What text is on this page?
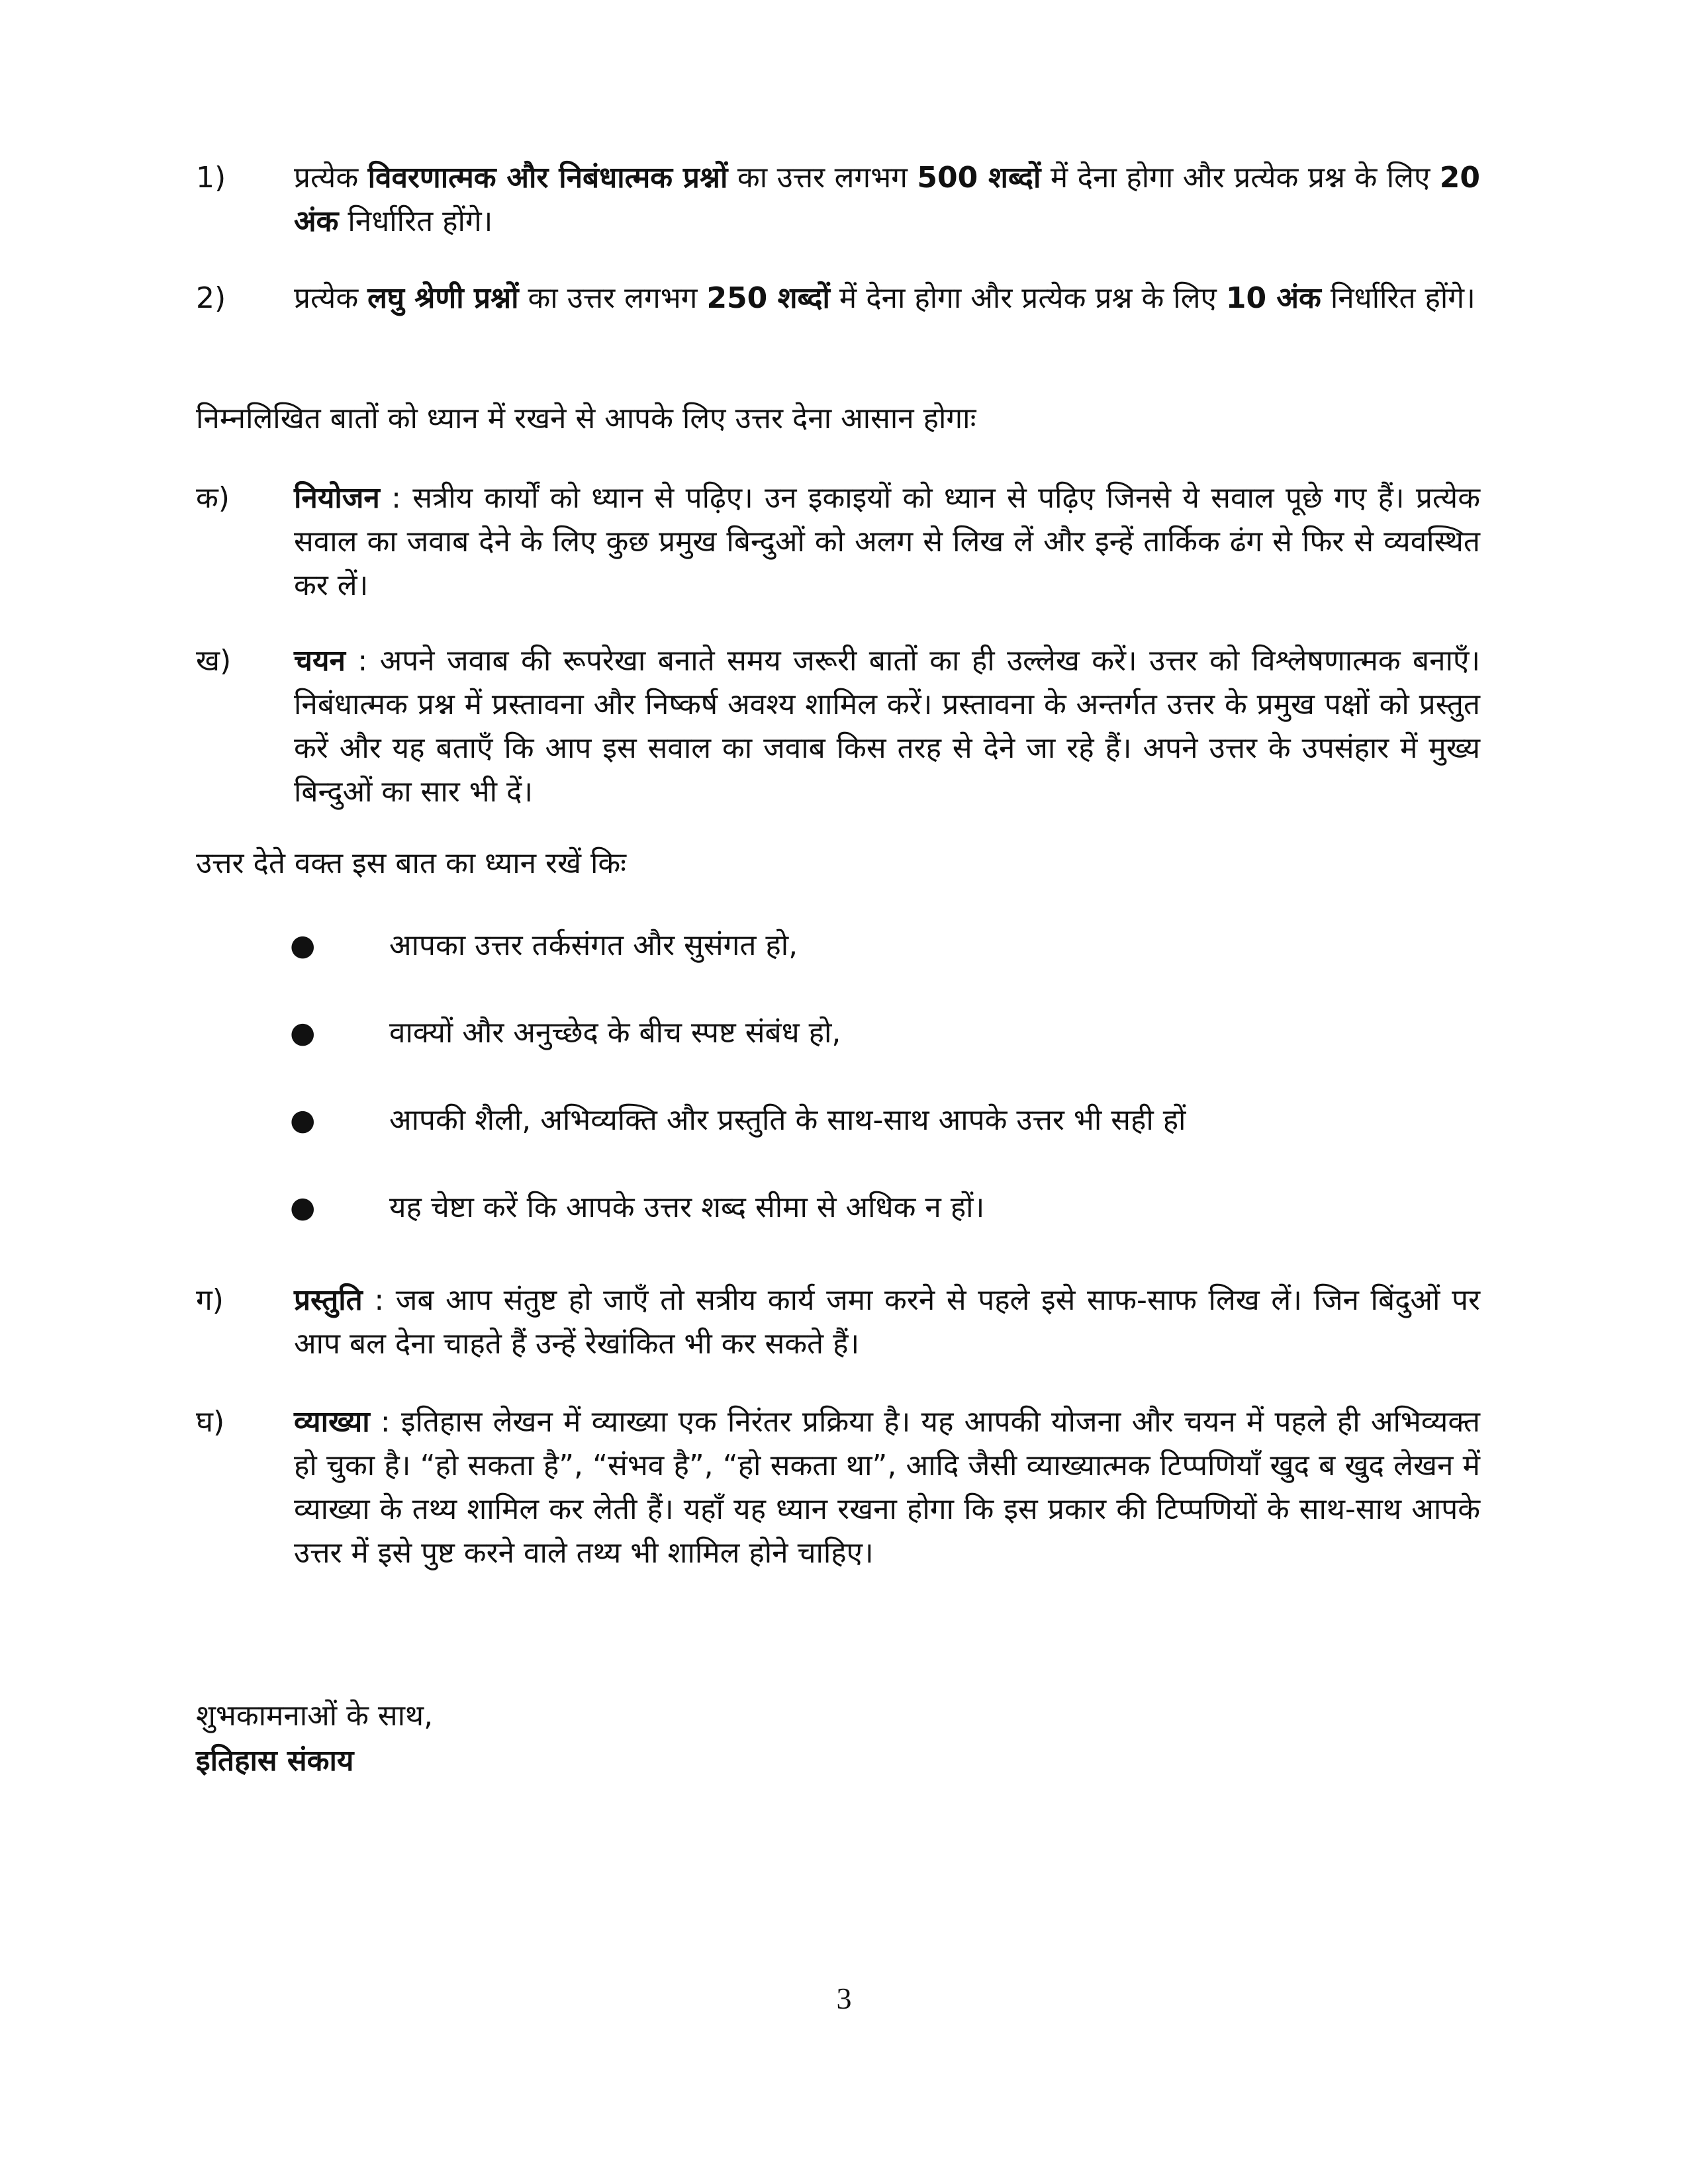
1)	प्रत्येक विवरणात्मक और निबंधात्मक प्रश्नों का उत्तर लगभग 500 शब्दों में देना होगा और प्रत्येक प्रश्न के लिए 20 अंक निर्धारित होंगे।
2)	प्रत्येक लघु श्रेणी प्रश्नों का उत्तर लगभग 250 शब्दों में देना होगा और प्रत्येक प्रश्न के लिए 10 अंक निर्धारित होंगे।
निम्नलिखित बातों को ध्यान में रखने से आपके लिए उत्तर देना आसान होगाः
क)	नियोजन : सत्रीय कार्यों को ध्यान से पढ़िए। उन इकाइयों को ध्यान से पढ़िए जिनसे ये सवाल पूछे गए हैं। प्रत्येक सवाल का जवाब देने के लिए कुछ प्रमुख बिन्दुओं को अलग से लिख लें और इन्हें तार्किक ढंग से फिर से व्यवस्थित कर लें।
ख)	चयन : अपने जवाब की रूपरेखा बनाते समय जरूरी बातों का ही उल्लेख करें। उत्तर को विश्लेषणात्मक बनाएँ। निबंधात्मक प्रश्न में प्रस्तावना और निष्कर्ष अवश्य शामिल करें। प्रस्तावना के अन्तर्गत उत्तर के प्रमुख पक्षों को प्रस्तुत करें और यह बताएँ कि आप इस सवाल का जवाब किस तरह से देने जा रहे हैं। अपने उत्तर के उपसंहार में मुख्य बिन्दुओं का सार भी दें।
उत्तर देते वक्त इस बात का ध्यान रखें किः
●	आपका उत्तर तर्कसंगत और सुसंगत हो,
●	वाक्यों और अनुच्छेद के बीच स्पष्ट संबंध हो,
●	आपकी शैली, अभिव्यक्ति और प्रस्तुति के साथ-साथ आपके उत्तर भी सही हों
●	यह चेष्टा करें कि आपके उत्तर शब्द सीमा से अधिक न हों।
ग)	प्रस्तुति : जब आप संतुष्ट हो जाएँ तो सत्रीय कार्य जमा करने से पहले इसे साफ-साफ लिख लें। जिन बिंदुओं पर आप बल देना चाहते हैं उन्हें रेखांकित भी कर सकते हैं।
घ)	व्याख्या : इतिहास लेखन में व्याख्या एक निरंतर प्रक्रिया है। यह आपकी योजना और चयन में पहले ही अभिव्यक्त हो चुका है। “हो सकता है”, “संभव है”, “हो सकता था”, आदि जैसी व्याख्यात्मक टिप्पणियाँ खुद ब खुद लेखन में व्याख्या के तथ्य शामिल कर लेती हैं। यहाँ यह ध्यान रखना होगा कि इस प्रकार की टिप्पणियों के साथ-साथ आपके उत्तर में इसे पुष्ट करने वाले तथ्य भी शामिल होने चाहिए।
शुभकामनाओं के साथ,
इतिहास संकाय
3
